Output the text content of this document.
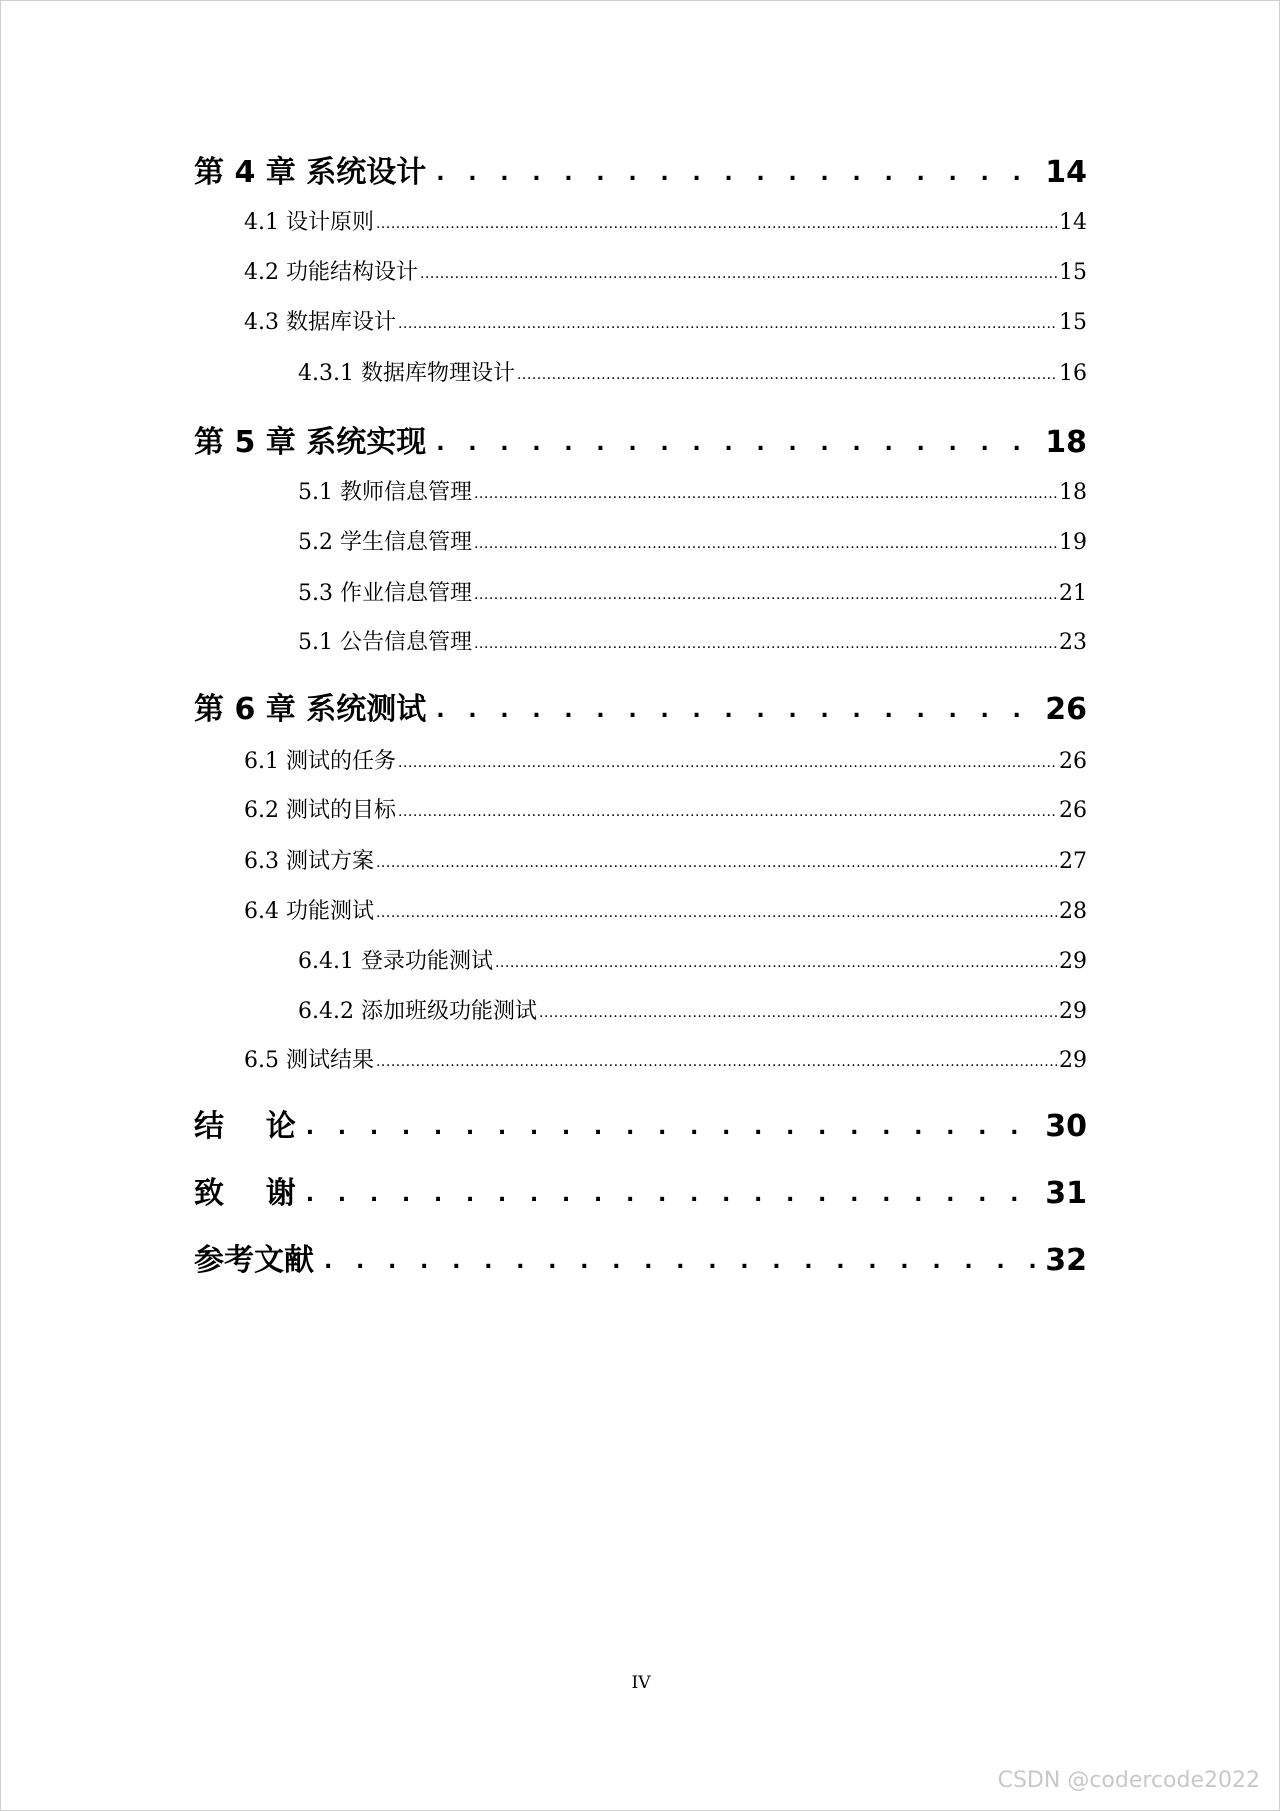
第 4 章 系统设计 . . .	14
4.1 设计原则 .....	14
4.2 功能结构设计 .....	15
4.3 数据库设计 .....	15
4.3.1 数据库物理设计 .....	16
第 5 章 系统实现 . . .	18
5.1 教师信息管理 .....	18
5.2 学生信息管理 .....	19
5.3 作业信息管理 .....	21
5.1 公告信息管理 .....	23
第 6 章 系统测试 . . .	26
6.1 测试的任务 .....	26
6.2 测试的目标 .....	26
6.3 测试方案 .....	27
6.4 功能测试 .....	28
6.4.1 登录功能测试 .....	29
6.4.2 添加班级功能测试 .....	29
6.5 测试结果 .....	29
结    论 . . .	30
致    谢 . . .	31
参考文献 . . .	32
IV
CSDN @codercode2022
